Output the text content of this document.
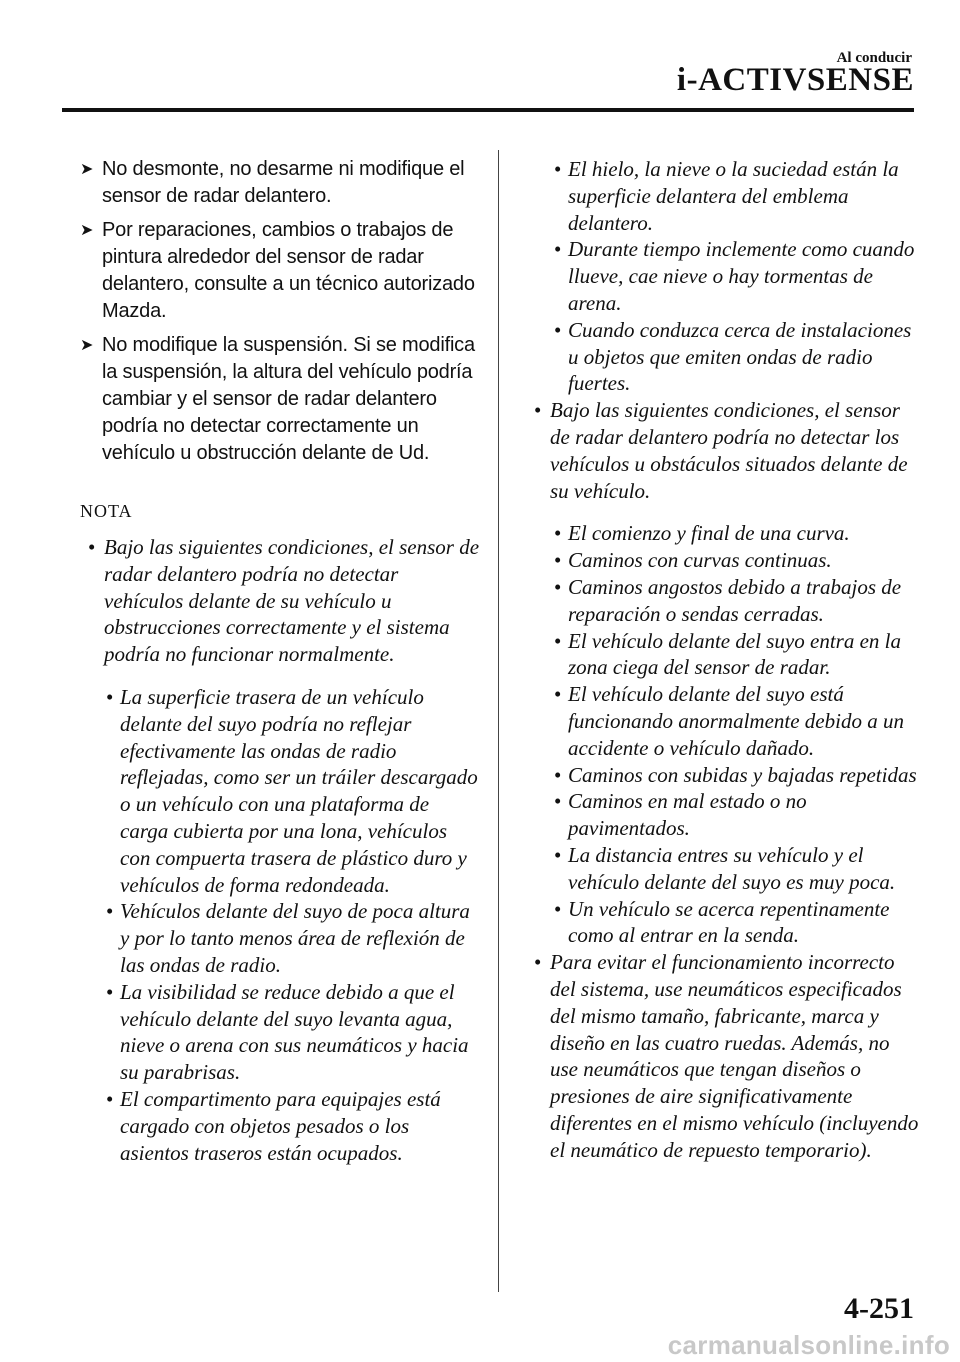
Al conducir
i-ACTIVSENSE
➤ No desmonte, no desarme ni modifique el sensor de radar delantero.
➤ Por reparaciones, cambios o trabajos de pintura alrededor del sensor de radar delantero, consulte a un técnico autorizado Mazda.
➤ No modifique la suspensión. Si se modifica la suspensión, la altura del vehículo podría cambiar y el sensor de radar delantero podría no detectar correctamente un vehículo u obstrucción delante de Ud.
NOTA
• Bajo las siguientes condiciones, el sensor de radar delantero podría no detectar vehículos delante de su vehículo u obstrucciones correctamente y el sistema podría no funcionar normalmente.
• La superficie trasera de un vehículo delante del suyo podría no reflejar efectivamente las ondas de radio reflejadas, como ser un tráiler descargado o un vehículo con una plataforma de carga cubierta por una lona, vehículos con compuerta trasera de plástico duro y vehículos de forma redondeada.
• Vehículos delante del suyo de poca altura y por lo tanto menos área de reflexión de las ondas de radio.
• La visibilidad se reduce debido a que el vehículo delante del suyo levanta agua, nieve o arena con sus neumáticos y hacia su parabrisas.
• El compartimento para equipajes está cargado con objetos pesados o los asientos traseros están ocupados.
• El hielo, la nieve o la suciedad están la superficie delantera del emblema delantero.
• Durante tiempo inclemente como cuando llueve, cae nieve o hay tormentas de arena.
• Cuando conduzca cerca de instalaciones u objetos que emiten ondas de radio fuertes.
• Bajo las siguientes condiciones, el sensor de radar delantero podría no detectar los vehículos u obstáculos situados delante de su vehículo.
• El comienzo y final de una curva.
• Caminos con curvas continuas.
• Caminos angostos debido a trabajos de reparación o sendas cerradas.
• El vehículo delante del suyo entra en la zona ciega del sensor de radar.
• El vehículo delante del suyo está funcionando anormalmente debido a un accidente o vehículo dañado.
• Caminos con subidas y bajadas repetidas
• Caminos en mal estado o no pavimentados.
• La distancia entres su vehículo y el vehículo delante del suyo es muy poca.
• Un vehículo se acerca repentinamente como al entrar en la senda.
• Para evitar el funcionamiento incorrecto del sistema, use neumáticos especificados del mismo tamaño, fabricante, marca y diseño en las cuatro ruedas. Además, no use neumáticos que tengan diseños o presiones de aire significativamente diferentes en el mismo vehículo (incluyendo el neumático de repuesto temporario).
4-251
carmanualsonline.info
